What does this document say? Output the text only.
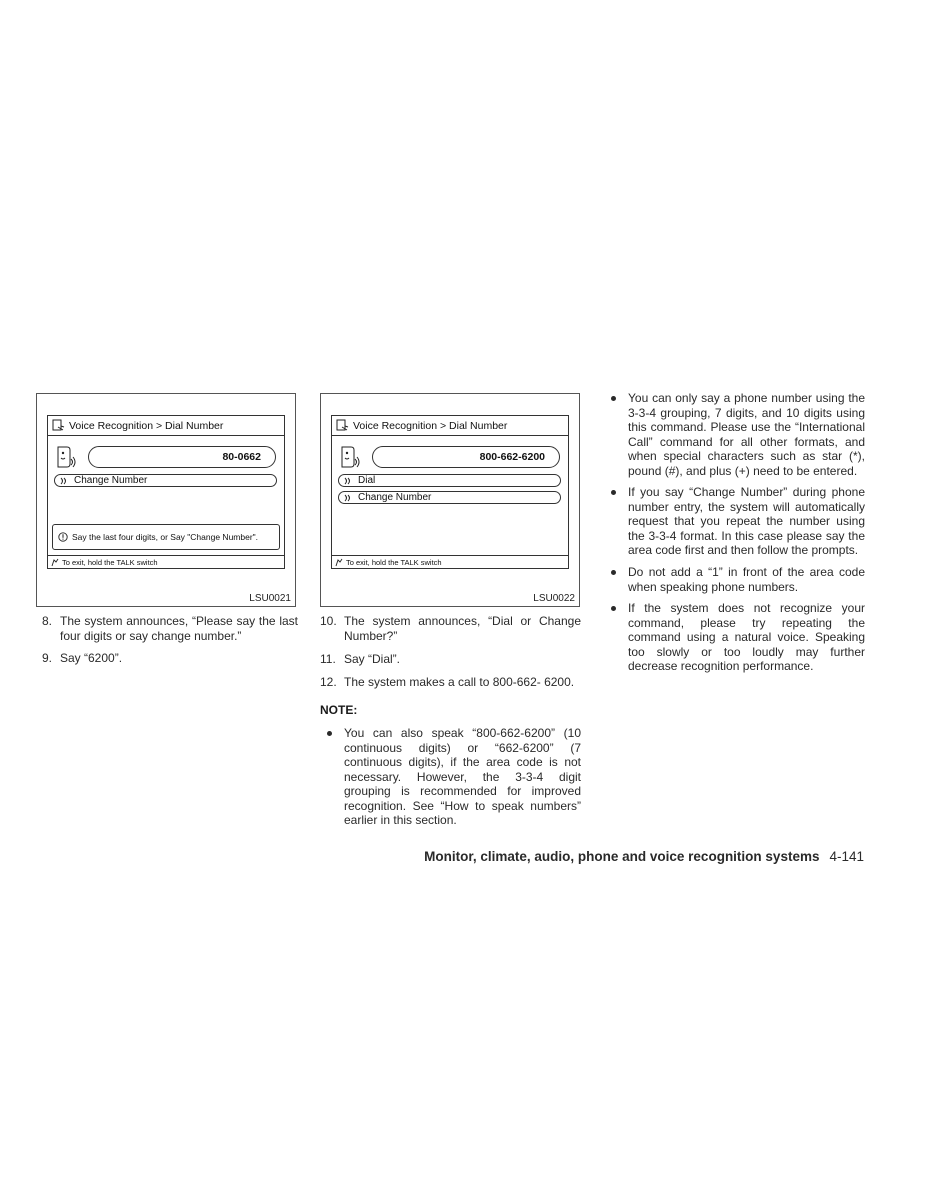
Voice Recognition > Dial Number
80-0662
Change Number
Say the last four digits, or Say "Change Number".
To exit, hold the TALK switch
LSU0021
Voice Recognition > Dial Number
800-662-6200
Dial
Change Number
To exit, hold the TALK switch
LSU0022
8. The system announces, “Please say the last four digits or say change number.”
9. Say “6200”.
10. The system announces, “Dial or Change Number?”
11. Say “Dial”.
12. The system makes a call to 800-662- 6200.
NOTE:
You can also speak “800-662-6200” (10 continuous digits) or “662-6200” (7 continuous digits), if the area code is not necessary. However, the 3-3-4 digit grouping is recommended for improved recognition. See “How to speak numbers” earlier in this section.
You can only say a phone number using the 3-3-4 grouping, 7 digits, and 10 digits using this command. Please use the “International Call” command for all other formats, and when special characters such as star (*), pound (#), and plus (+) need to be entered.
If you say “Change Number” during phone number entry, the system will automatically request that you repeat the number using the 3-3-4 format. In this case please say the area code first and then follow the prompts.
Do not add a “1” in front of the area code when speaking phone numbers.
If the system does not recognize your command, please try repeating the command using a natural voice. Speaking too slowly or too loudly may further decrease recognition performance.
Monitor, climate, audio, phone and voice recognition systems 4-141
